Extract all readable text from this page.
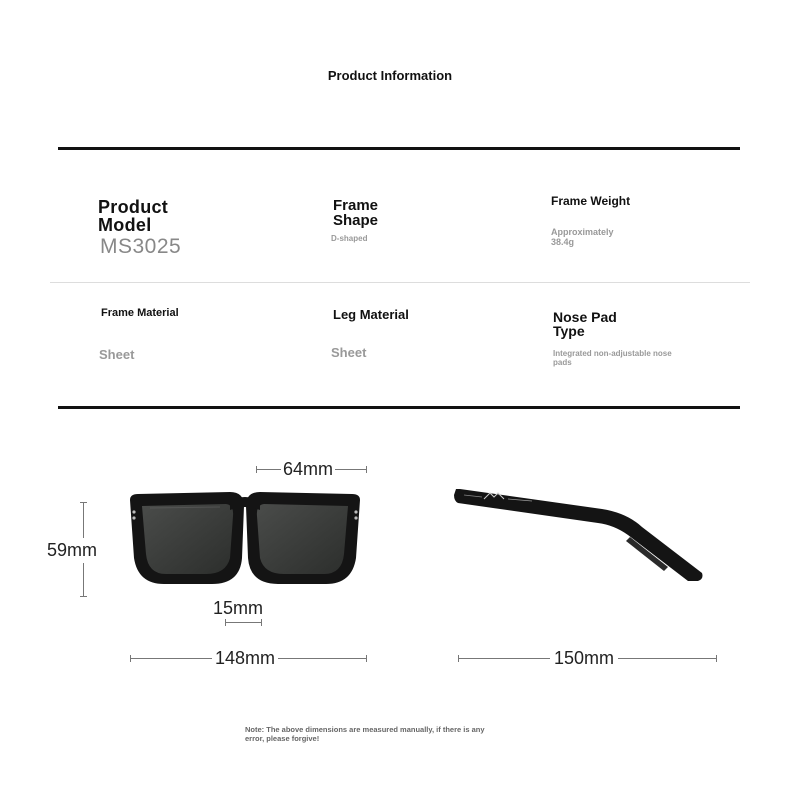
Product Information
Product Model
MS3025
Frame Shape
D-shaped
Frame Weight
Approximately 38.4g
Frame Material
Sheet
Leg Material
Sheet
Nose Pad Type
Integrated non-adjustable nose pads
64mm
59mm
15mm
148mm	150mm
Note: The above dimensions are measured manually, if there is any error, please forgive!
